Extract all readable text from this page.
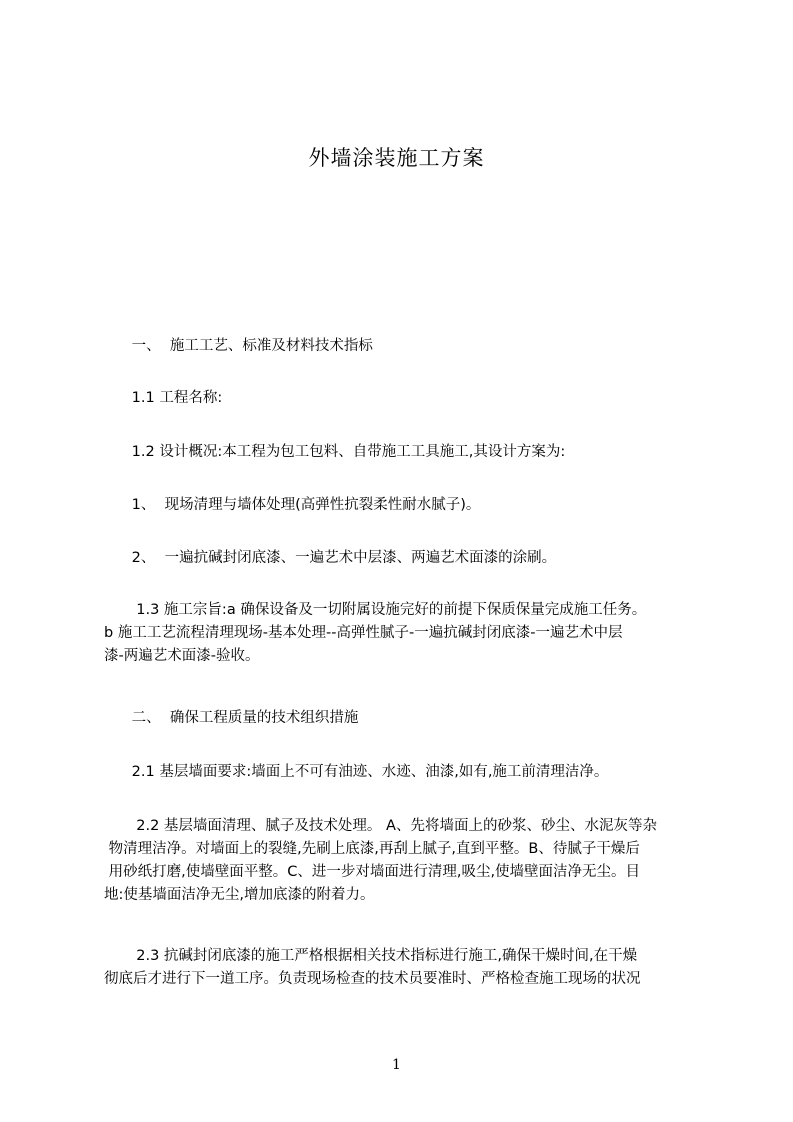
外墙涂装施工方案
一、  施工工艺、标准及材料技术指标
1.1 工程名称:
1.2 设计概况:本工程为包工包料、自带施工工具施工,其设计方案为:
1、  现场清理与墙体处理(高弹性抗裂柔性耐水腻子)。
2、  一遍抗碱封闭底漆、一遍艺术中层漆、两遍艺术面漆的涂刷。
1.3 施工宗旨:a 确保设备及一切附属设施完好的前提下保质保量完成施工任务。
b 施工工艺流程清理现场-基本处理--高弹性腻子-一遍抗碱封闭底漆-一遍艺术中层
漆-两遍艺术面漆-验收。
二、  确保工程质量的技术组织措施
2.1 基层墙面要求:墙面上不可有油迹、水迹、油漆,如有,施工前清理洁净。
2.2 基层墙面清理、腻子及技术处理。 A、先将墙面上的砂浆、砂尘、水泥灰等杂
物清理洁净。对墙面上的裂缝,先刷上底漆,再刮上腻子,直到平整。B、待腻子干燥后
用砂纸打磨,使墙壁面平整。C、进一步对墙面进行清理,吸尘,使墙壁面洁净无尘。目
地:使基墙面洁净无尘,增加底漆的附着力。
2.3 抗碱封闭底漆的施工严格根据相关技术指标进行施工,确保干燥时间,在干燥
彻底后才进行下一道工序。负责现场检查的技术员要准时、严格检查施工现场的状况
1
